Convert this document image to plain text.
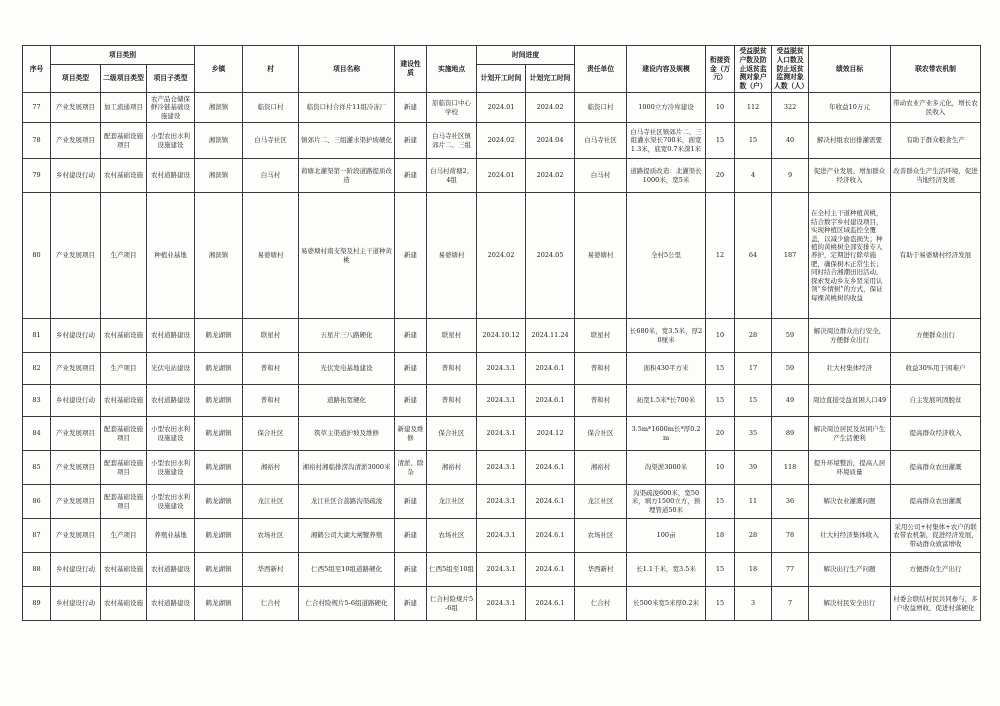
序号	项目类别			乡镇	村	项目名称	建设性质	实施地点	时间进度		责任单位	建设内容及规模	衔接资金（万元）	受益脱贫户数及防止返贫监测对象户数（户）	受益脱贫人口数及防止返贫监测对象人数（人）	绩效目标	联农带农机制
	项目类型	二级项目类型	项目子类型						计划开工时间	计划完工时间							
77	产业发展项目	加工流通项目	农产品仓储保鲜冷链基础设施建设	湘滨镇	临资口村	临资口村合祥片11组冷冻厂	新建	原临资口中心学校	2024.01	2024.02	临资口村	1000立方冷库建设	10	112	322	年收益10万元	带动农业产业多元化，增长农民收入
78	产业发展项目	配套基础设施项目	小型农田水利设施建设	湘滨镇	白马寺社区	镇郊片二、三组灌水渠护坡硬化	新建	白马寺社区镇郊片二、三组	2024.02	2024.04	白马寺社区	白马寺社区镇郊片二、三组灌水渠长700米，面宽1.3米，底宽0.7米深1米	15	15	40	解决村组农田排灌需要	有助于群众粮食生产
79	乡村建设行动	农村基础设施	农村道路建设	湘滨镇	白马村	荷塘北灌渠第一阶段道路提质改造	新建	白马村荷塘2、4组	2024.01	2024.02	白马村	道路提质改造：北灌渠长1000米，宽5米	20	4	9	促进产业发展、增加群众经济收入	改善群众生产生活环境，促进当地经济发展
80	产业发展项目	生产项目	种植业基地	湘滨镇	易婆塘村	易婆塘村南支渠及村主干道种黄桃	新建	易婆塘村	2024.02	2024.05	易婆塘村	全村5公里	12	64	187	在全村主干道种植黄桃，结合数字乡村建设项目，实现种植区域监控全覆盖，以减少偷盗损失；种植的黄桃树全部安排专人养护，定期进行除草施肥，确保树木正常生长；同时结合湘潮田旧活动，探索发动乡友乡贤采用认领“乡情树”的方式，保证每棵黄桃树的收益	有助于易婆塘村经济发展
81	乡村建设行动	农村基础设施	农村道路建设	鹤龙湖镇	联星村	五星片三八路硬化	新建	联星村	2024.10.12	2024.11.24	联星村	长680米，宽3.5米，厚20厘米	10	28	59	解决周边群众出行安全，方便群众出行	方便群众出行
82	产业发展项目	生产项目	光伏电站建设	鹤龙湖镇	普和村	光伏发电基地建设	新建	普和村	2024.3.1	2024.6.1	普和村	面积430平方米	15	17	59	壮大村集体经济	收益30%用于困难户
83	乡村建设行动	农村基础设施	农村道路建设	鹤龙湖镇	普和村	道路拓宽硬化	新建	普和村	2024.3.1	2024.6.1	普和村	拓宽1.5米*长700米	15	15	49	周边直接受益贫困人口49	自主发展巩固脱贫
84	产业发展项目	配套基础设施项目	小型农田水利设施建设	鹤龙湖镇	保合社区	筑草主渠道护坡及维修	新建及维修	保合社区	2024.3.1	2024.12	保合社区	3.5m*1600m长*厚0.2m	20	35	89	解决周边居民及贫困户生产生活便利	提高群众经济收入
85	产业发展项目	配套基础设施项目	小型农田水利设施建设	鹤龙湖镇	湘裕村	湘裕村湘临排涝沟清淤3000米	清淤、除杂	湘裕村	2024.3.1	2024.6.1	湘裕村	沟渠淤3000米	10	39	118	提升环境整治，提高人居环境质量	提高群众农田灌溉
86	产业发展项目	配套基础设施项目	小型农田水利设施建设	鹤龙湖镇	龙江社区	龙江社区合荔路沟渠疏浚	新建	龙江社区	2024.3.1	2024.6.1	龙江社区	沟渠疏浚600米，宽50米，填方1500立方，预埋管道50米	15	11	36	解决农业灌溉问题	提高群众农田灌溉
87	产业发展项目	生产项目	养殖业基地	鹤龙湖镇	农场社区	湘鹤公司大湖大闸蟹养殖	新建	农场社区	2024.3.1	2024.6.1	农场社区	100亩	18	28	78	壮大村经济集体收入	采用公司+村集体+农户的联农带农机制，促进经济发展，带动群众致富增收
88	乡村建设行动	农村基础设施	农村道路建设	鹤龙湖镇	华西新村	仁西5组至10组道路硬化	新建	仁西5组至10组	2024.3.1	2024.6.1	华西新村	长1.1千米，宽3.5米	15	18	77	解决出行生产问题	方便群众生产出行
89	乡村建设行动	农村基础设施	农村道路建设	鹤龙湖镇	仁合村	仁合村险规片5-6组道路硬化	新建	仁合村险规片5-6组	2024.3.1	2024.6.1	仁合村	长500米宽5米厚0.2米	15	3	7	解决村民安全出行	村委会联结村民共同参与，多户收益增收，促进村落硬化
